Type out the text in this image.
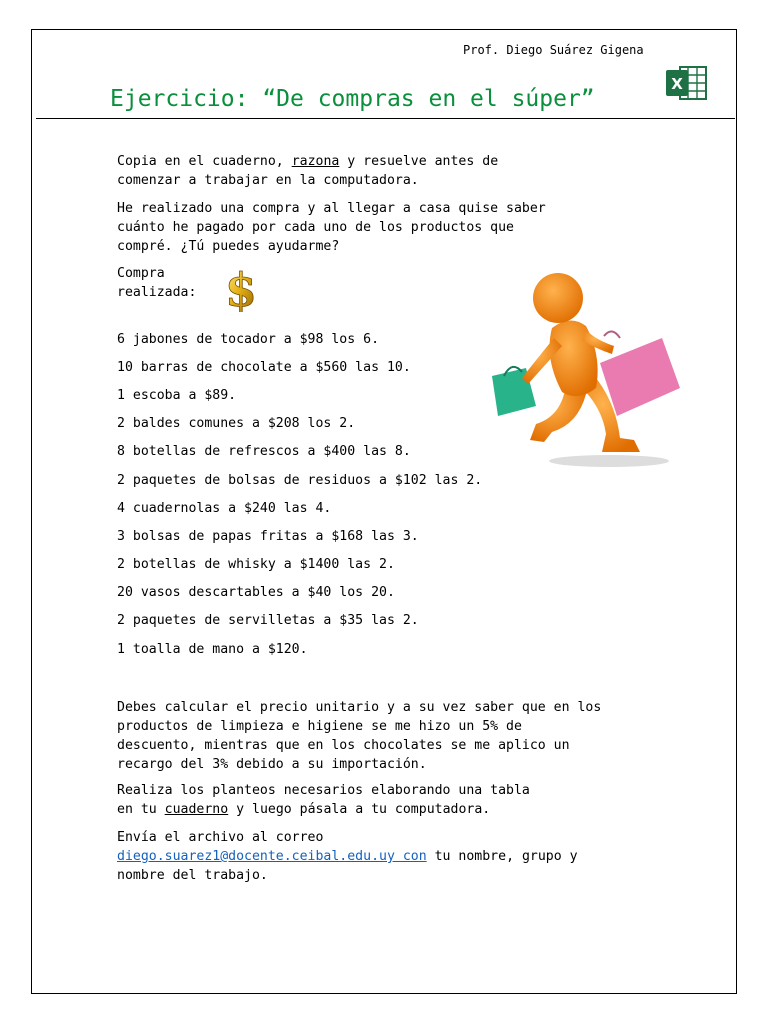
Prof. Diego Suárez Gigena
Ejercicio: “De compras en el súper”
X
Copia en el cuaderno, razona y resuelve antes de
comenzar a trabajar en la computadora.
He realizado una compra y al llegar a casa quise saber
cuánto he pagado por cada uno de los productos que
compré. ¿Tú puedes ayudarme?
Compra
realizada: $
6 jabones de tocador a $98 los 6.
10 barras de chocolate a $560 las 10.
1 escoba a $89.
2 baldes comunes a $208 los 2.
8 botellas de refrescos a $400 las 8.
2 paquetes de bolsas de residuos a $102 las 2.
4 cuadernolas a $240 las 4.
3 bolsas de papas fritas a $168 las 3.
2 botellas de whisky a $1400 las 2.
20 vasos descartables a $40 los 20.
2 paquetes de servilletas a $35 las 2.
1 toalla de mano a $120.
Debes calcular el precio unitario y a su vez saber que en los
productos de limpieza e higiene se me hizo un 5% de
descuento, mientras que en los chocolates se me aplico un
recargo del 3% debido a su importación.
Realiza los planteos necesarios elaborando una tabla
en tu cuaderno y luego pásala a tu computadora.
Envía el archivo al correo
diego.suarez1@docente.ceibal.edu.uy con tu nombre, grupo y
nombre del trabajo.
